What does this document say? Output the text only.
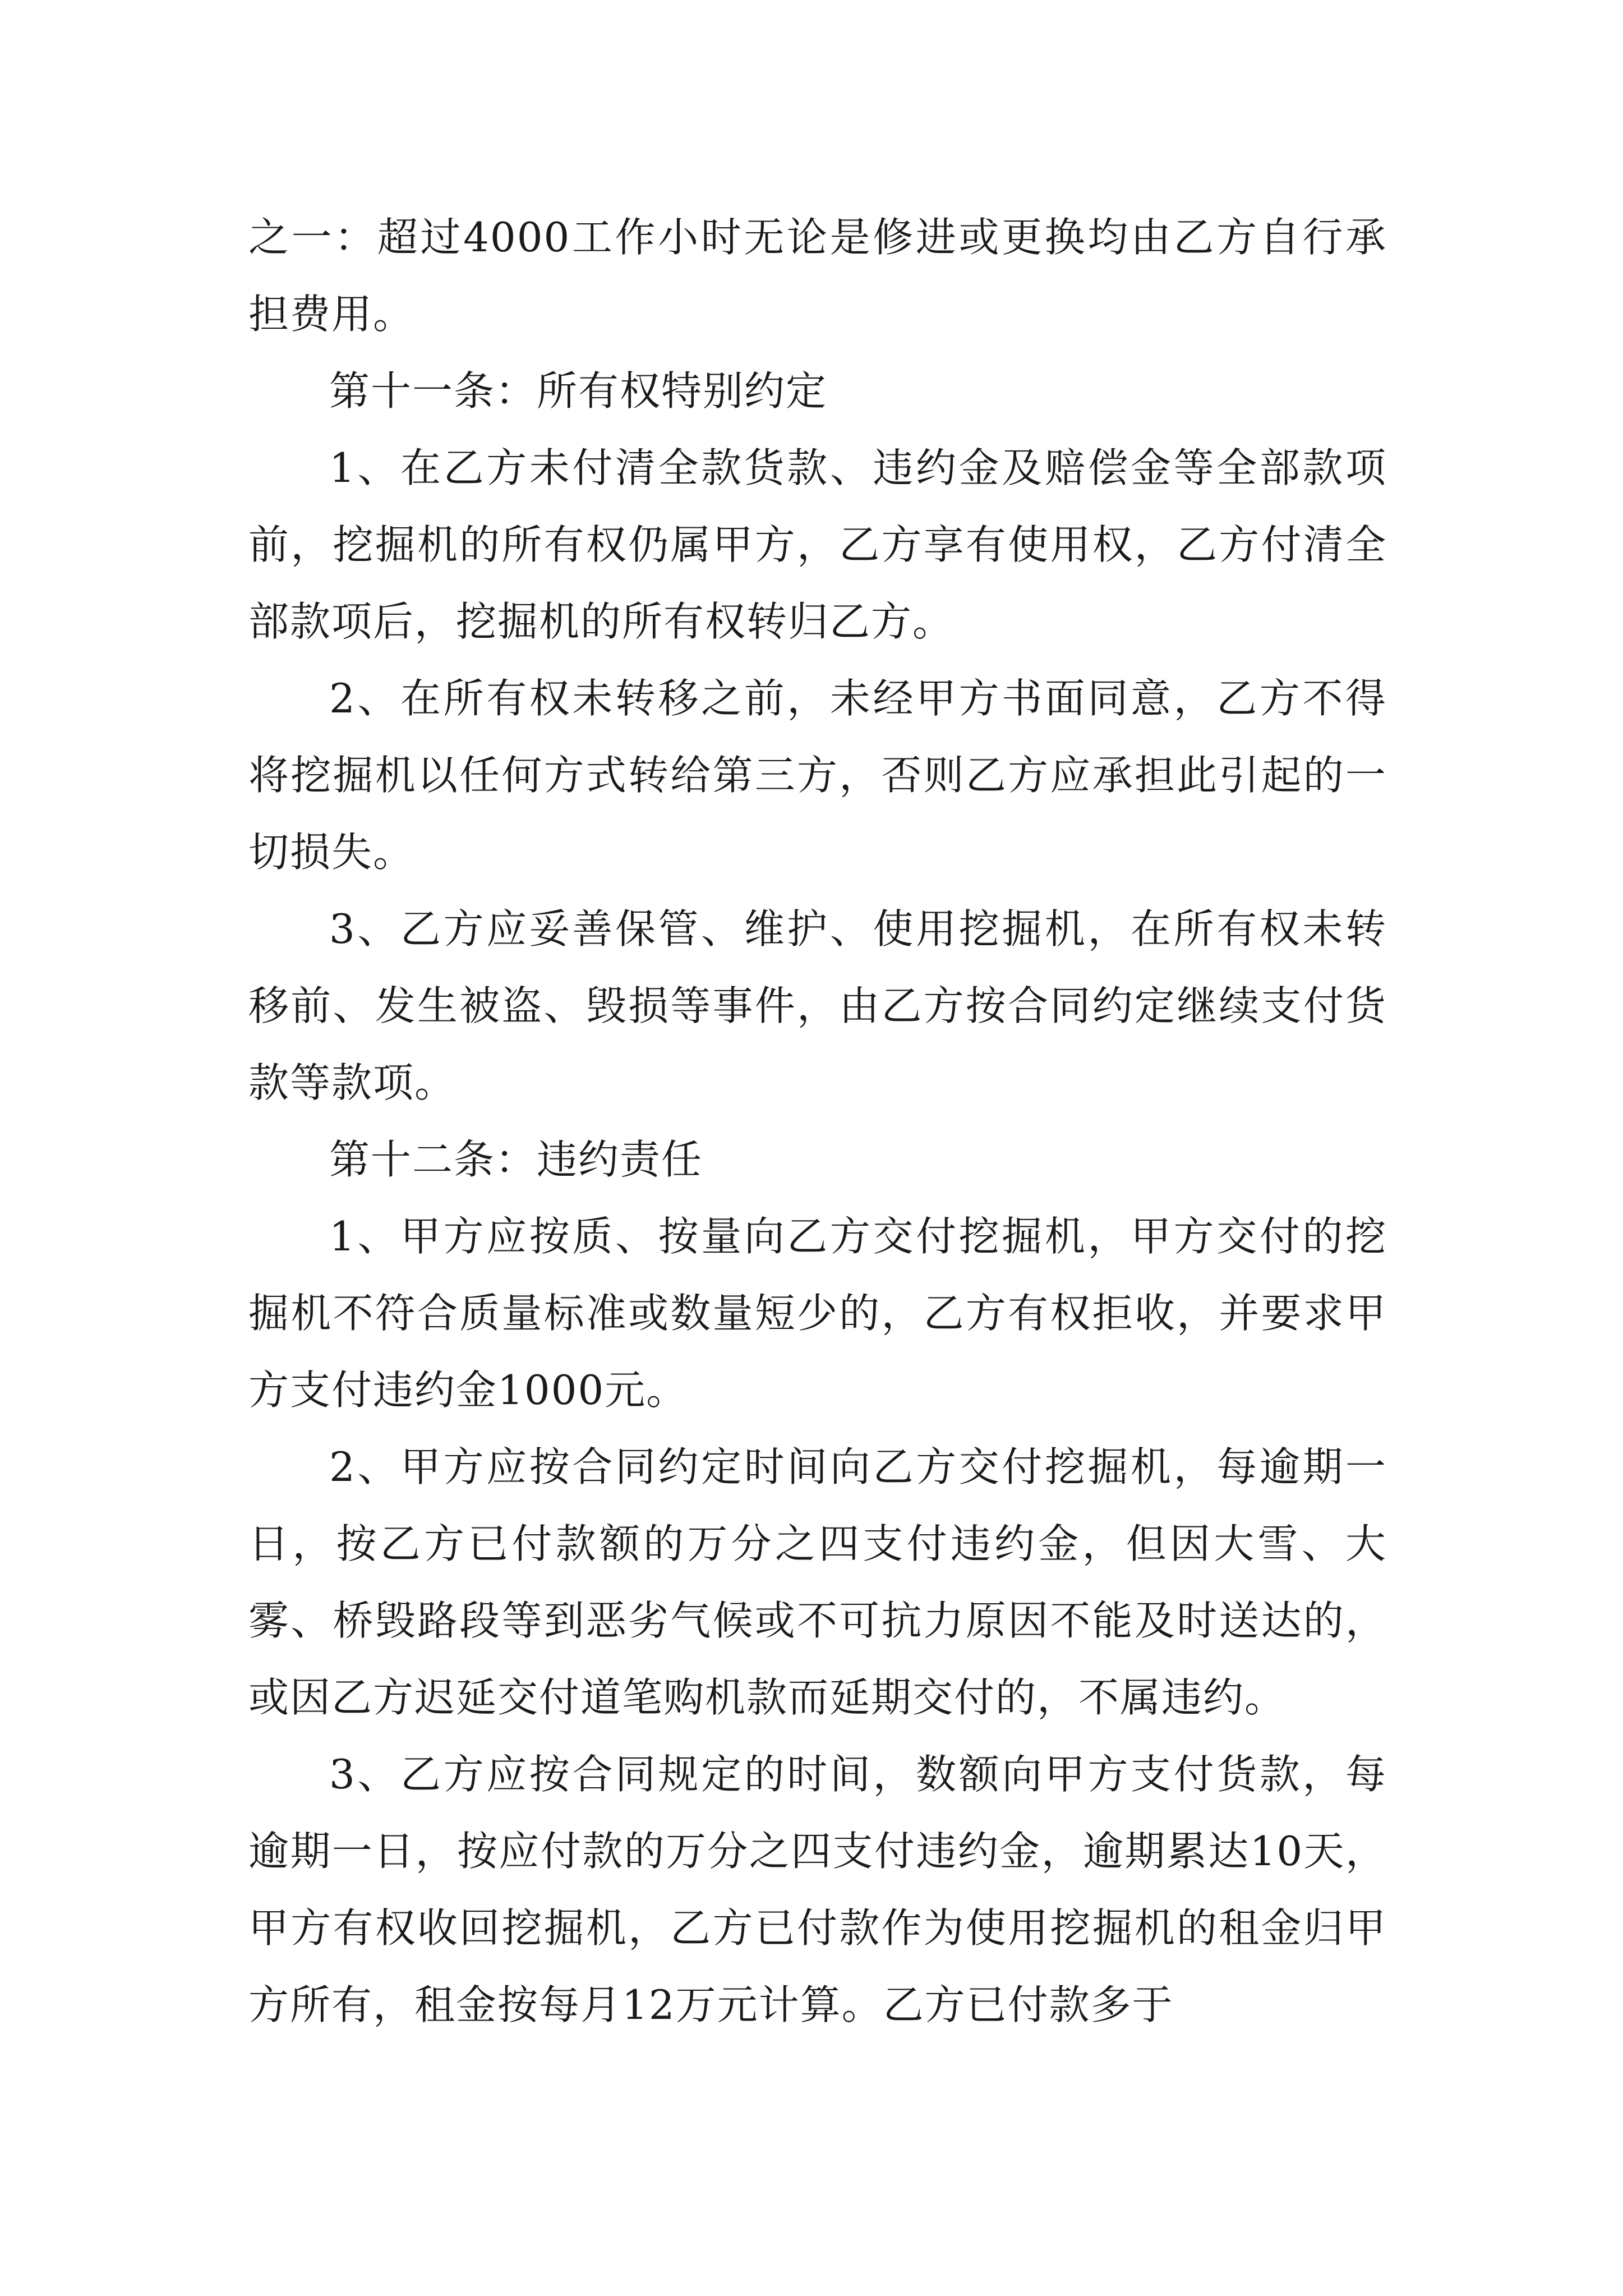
之一：超过4000工作小时无论是修进或更换均由乙方自行承担费用。

第十一条：所有权特别约定

1、在乙方未付清全款货款、违约金及赔偿金等全部款项前，挖掘机的所有权仍属甲方，乙方享有使用权，乙方付清全部款项后，挖掘机的所有权转归乙方。

2、在所有权未转移之前，未经甲方书面同意，乙方不得将挖掘机以任何方式转给第三方，否则乙方应承担此引起的一切损失。

3、乙方应妥善保管、维护、使用挖掘机，在所有权未转移前、发生被盗、毁损等事件，由乙方按合同约定继续支付货款等款项。

第十二条：违约责任

1、甲方应按质、按量向乙方交付挖掘机，甲方交付的挖掘机不符合质量标准或数量短少的，乙方有权拒收，并要求甲方支付违约金1000元。

2、甲方应按合同约定时间向乙方交付挖掘机，每逾期一日，按乙方已付款额的万分之四支付违约金，但因大雪、大雾、桥毁路段等到恶劣气候或不可抗力原因不能及时送达的，或因乙方迟延交付道笔购机款而延期交付的，不属违约。

3、乙方应按合同规定的时间，数额向甲方支付货款，每逾期一日，按应付款的万分之四支付违约金，逾期累达10天，甲方有权收回挖掘机，乙方已付款作为使用挖掘机的租金归甲方所有，租金按每月12万元计算。乙方已付款多于
